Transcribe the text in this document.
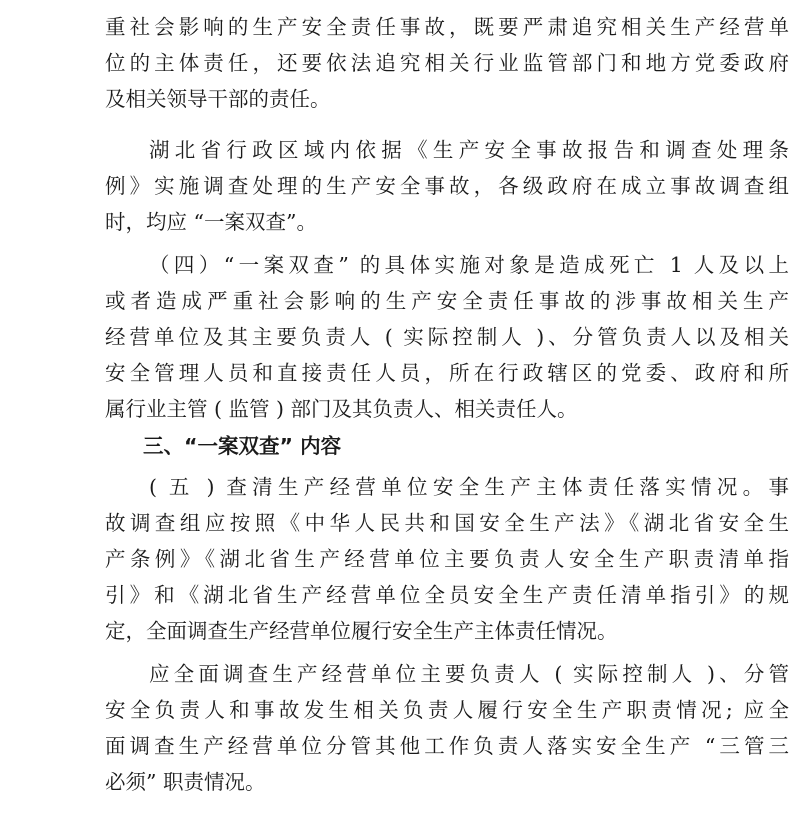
重社会影响的生产安全责任事故，既要严肃追究相关生产经营单
位的主体责任，还要依法追究相关行业监管部门和地方党委政府
及相关领导干部的责任。

湖北省行政区域内依据《生产安全事故报告和调查处理条
例》实施调查处理的生产安全事故，各级政府在成立事故调查组
时，均应 “一案双查”。

（四）“一案双查” 的具体实施对象是造成死亡 1 人及以上
或者造成严重社会影响的生产安全责任事故的涉事故相关生产
经营单位及其主要负责人 ( 实际控制人 )、分管负责人以及相关
安全管理人员和直接责任人员，所在行政辖区的党委、政府和所
属行业主管 ( 监管 ) 部门及其负责人、相关责任人。

三、“一案双查” 内容

( 五 ) 查清生产经营单位安全生产主体责任落实情况。事
故调查组应按照《中华人民共和国安全生产法》《湖北省安全生
产条例》《湖北省生产经营单位主要负责人安全生产职责清单指
引》和《湖北省生产经营单位全员安全生产责任清单指引》的规
定，全面调查生产经营单位履行安全生产主体责任情况。

应全面调查生产经营单位主要负责人 ( 实际控制人 )、分管
安全负责人和事故发生相关负责人履行安全生产职责情况; 应全
面调查生产经营单位分管其他工作负责人落实安全生产 “三管三
必须” 职责情况。
